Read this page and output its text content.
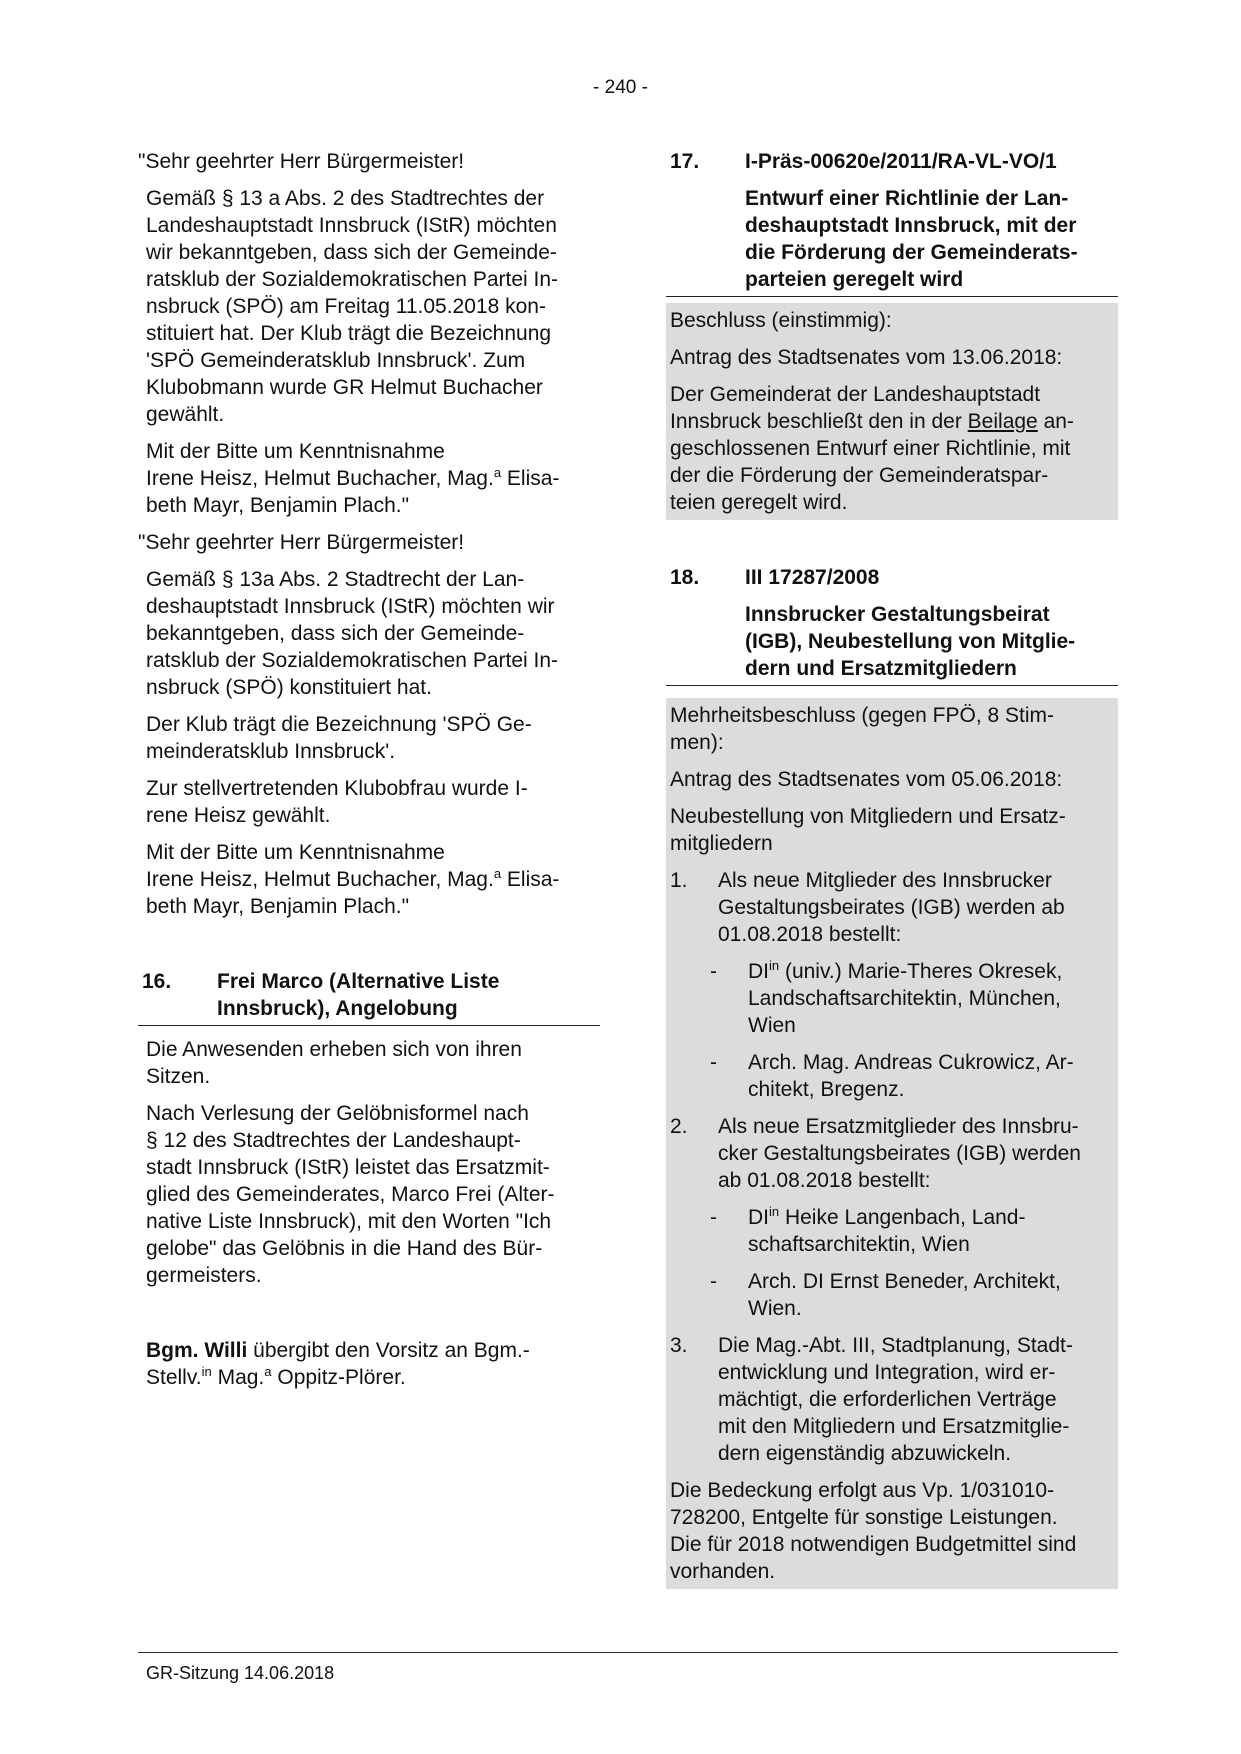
- 240 -

"Sehr geehrter Herr Bürgermeister!

Gemäß § 13 a Abs. 2 des Stadtrechtes der
Landeshauptstadt Innsbruck (IStR) möchten
wir bekanntgeben, dass sich der Gemeinde-
ratsklub der Sozialdemokratischen Partei In-
nsbruck (SPÖ) am Freitag 11.05.2018 kon-
stituiert hat. Der Klub trägt die Bezeichnung
'SPÖ Gemeinderatsklub Innsbruck'. Zum
Klubobmann wurde GR Helmut Buchacher
gewählt.

Mit der Bitte um Kenntnisnahme
Irene Heisz, Helmut Buchacher, Mag.$^a$ Elisa-
beth Mayr, Benjamin Plach."

"Sehr geehrter Herr Bürgermeister!

Gemäß § 13a Abs. 2 Stadtrecht der Lan-
deshauptstadt Innsbruck (IStR) möchten wir
bekanntgeben, dass sich der Gemeinde-
ratsklub der Sozialdemokratischen Partei In-
nsbruck (SPÖ) konstituiert hat.

Der Klub trägt die Bezeichnung 'SPÖ Ge-
meinderatsklub Innsbruck'.

Zur stellvertretenden Klubobfrau wurde I-
rene Heisz gewählt.

Mit der Bitte um Kenntnisnahme
Irene Heisz, Helmut Buchacher, Mag.$^a$ Elisa-
beth Mayr, Benjamin Plach."

16.	Frei Marco (Alternative Liste
Innsbruck), Angelobung

Die Anwesenden erheben sich von ihren
Sitzen.

Nach Verlesung der Gelöbnisformel nach
§ 12 des Stadtrechtes der Landeshaupt-
stadt Innsbruck (IStR) leistet das Ersatzmit-
glied des Gemeinderates, Marco Frei (Alter-
native Liste Innsbruck), mit den Worten "Ich
gelobe" das Gelöbnis in die Hand des Bür-
germeisters.

Bgm. Willi übergibt den Vorsitz an Bgm.-
Stellv.$^{in}$ Mag.$^a$ Oppitz-Plörer.

17.	I-Präs-00620e/2011/RA-VL-VO/1
Entwurf einer Richtlinie der Lan-
deshauptstadt Innsbruck, mit der
die Förderung der Gemeinderats-
parteien geregelt wird

Beschluss (einstimmig):

Antrag des Stadtsenates vom 13.06.2018:

Der Gemeinderat der Landeshauptstadt
Innsbruck beschließt den in der Beilage an-
geschlossenen Entwurf einer Richtlinie, mit
der die Förderung der Gemeinderatspar-
teien geregelt wird.

18.	III 17287/2008
Innsbrucker Gestaltungsbeirat
(IGB), Neubestellung von Mitglie-
dern und Ersatzmitgliedern

Mehrheitsbeschluss (gegen FPÖ, 8 Stim-
men):

Antrag des Stadtsenates vom 05.06.2018:

Neubestellung von Mitgliedern und Ersatz-
mitgliedern

1.	Als neue Mitglieder des Innsbrucker
Gestaltungsbeirates (IGB) werden ab
01.08.2018 bestellt:
-	$DI^{in}$ (univ.) Marie-Theres Okresek,
Landschaftsarchitektin, München,
Wien
-	Arch. Mag. Andreas Cukrowicz, Ar-
chitekt, Bregenz.
2.	Als neue Ersatzmitglieder des Innsbru-
cker Gestaltungsbeirates (IGB) werden
ab 01.08.2018 bestellt:
-	$DI^{in}$ Heike Langenbach, Land-
schaftsarchitektin, Wien
-	Arch. DI Ernst Beneder, Architekt,
Wien.
3.	Die Mag.-Abt. III, Stadtplanung, Stadt-
entwicklung und Integration, wird er-
mächtigt, die erforderlichen Verträge
mit den Mitgliedern und Ersatzmitglie-
dern eigenständig abzuwickeln.

Die Bedeckung erfolgt aus Vp. 1/031010-
728200, Entgelte für sonstige Leistungen.
Die für 2018 notwendigen Budgetmittel sind
vorhanden.

GR-Sitzung 14.06.2018
